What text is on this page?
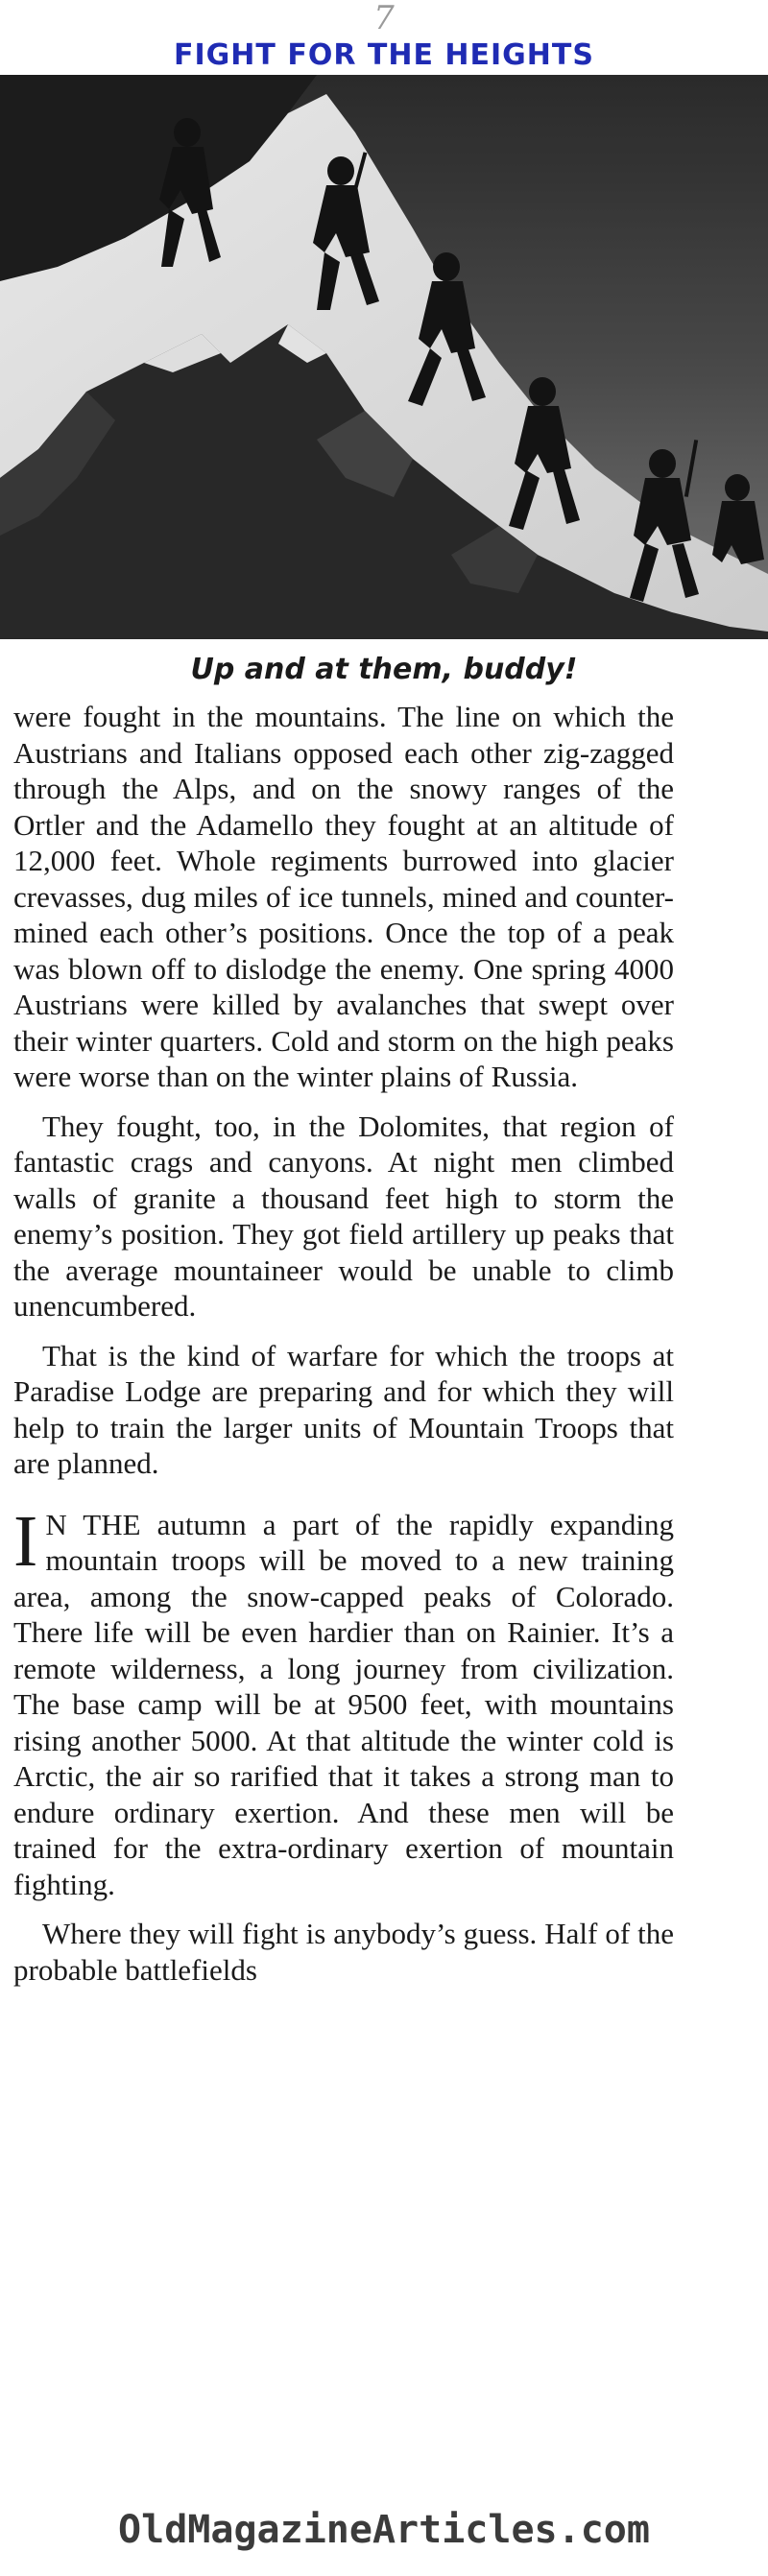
7
FIGHT FOR THE HEIGHTS
Up and at them, buddy!

were fought in the mountains. The line on which the Austrians and Italians opposed each other zig-zagged through the Alps, and on the snowy ranges of the Ortler and the Adamello they fought at an altitude of 12,000 feet. Whole regiments burrowed into glacier crevasses, dug miles of ice tunnels, mined and counter-mined each other’s positions. Once the top of a peak was blown off to dislodge the enemy. One spring 4000 Austrians were killed by avalanches that swept over their winter quarters. Cold and storm on the high peaks were worse than on the winter plains of Russia.

They fought, too, in the Dolomites, that region of fantastic crags and canyons. At night men climbed walls of granite a thousand feet high to storm the enemy’s position. They got field artillery up peaks that the average mountaineer would be unable to climb unencumbered.

That is the kind of warfare for which the troops at Paradise Lodge are preparing and for which they will help to train the larger units of Mountain Troops that are planned.

I N THE autumn a part of the rapidly expanding mountain troops will be moved to a new training area, among the snow-capped peaks of Colorado. There life will be even hardier than on Rainier. It’s a remote wilderness, a long journey from civilization. The base camp will be at 9500 feet, with mountains rising another 5000. At that altitude the winter cold is Arctic, the air so rarified that it takes a strong man to endure ordinary exertion. And these men will be trained for the extra-ordinary exertion of mountain fighting.

Where they will fight is anybody’s guess. Half of the probable battlefields

OldMagazineArticles.com
